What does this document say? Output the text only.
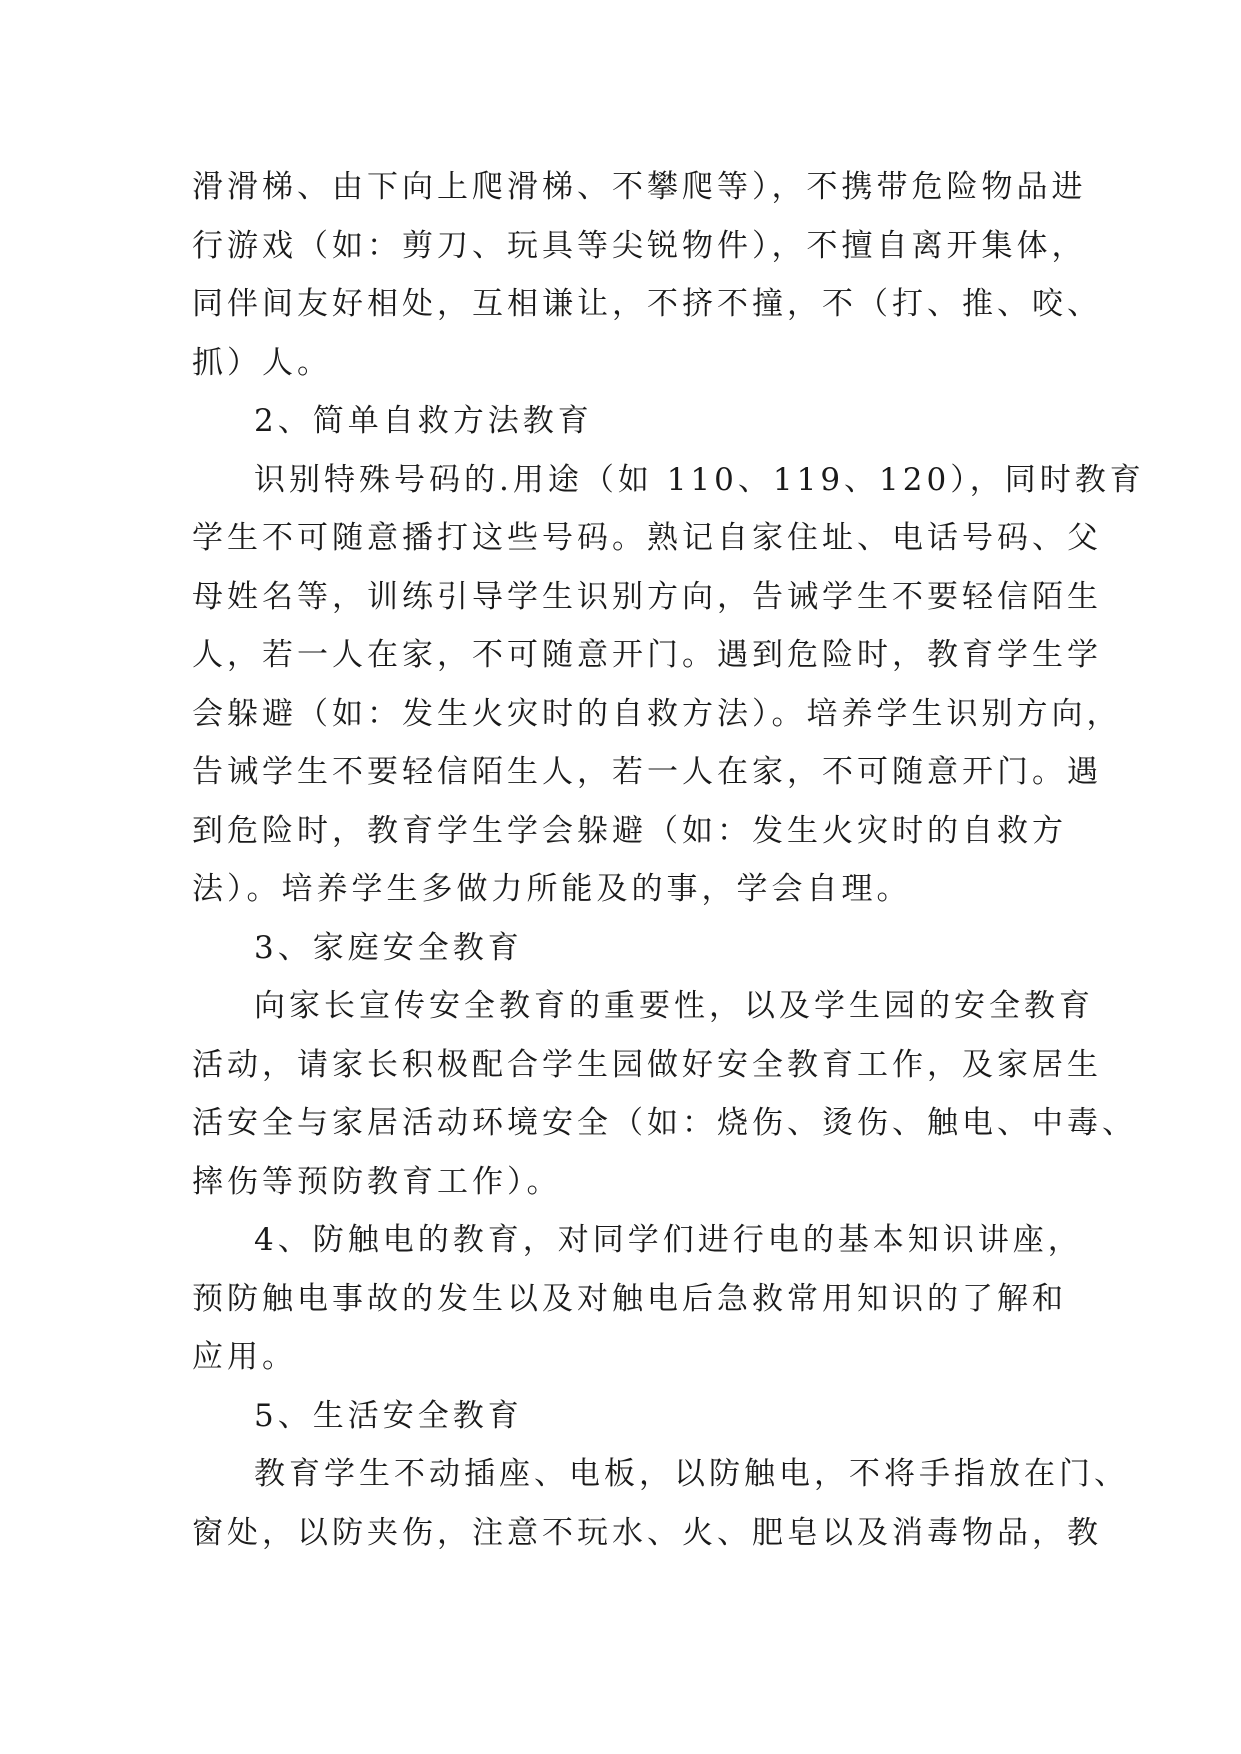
滑滑梯、由下向上爬滑梯、不攀爬等），不携带危险物品进
行游戏（如：剪刀、玩具等尖锐物件），不擅自离开集体，
同伴间友好相处，互相谦让，不挤不撞，不（打、推、咬、
抓）人。
2、简单自救方法教育
识别特殊号码的.用途（如 110、119、120），同时教育
学生不可随意播打这些号码。熟记自家住址、电话号码、父
母姓名等，训练引导学生识别方向，告诫学生不要轻信陌生
人，若一人在家，不可随意开门。遇到危险时，教育学生学
会躲避（如：发生火灾时的自救方法）。培养学生识别方向，
告诫学生不要轻信陌生人，若一人在家，不可随意开门。遇
到危险时，教育学生学会躲避（如：发生火灾时的自救方
法）。培养学生多做力所能及的事，学会自理。
3、家庭安全教育
向家长宣传安全教育的重要性，以及学生园的安全教育
活动，请家长积极配合学生园做好安全教育工作，及家居生
活安全与家居活动环境安全（如：烧伤、烫伤、触电、中毒、
摔伤等预防教育工作）。
4、防触电的教育，对同学们进行电的基本知识讲座，
预防触电事故的发生以及对触电后急救常用知识的了解和
应用。
5、生活安全教育
教育学生不动插座、电板，以防触电，不将手指放在门、
窗处，以防夹伤，注意不玩水、火、肥皂以及消毒物品，教
